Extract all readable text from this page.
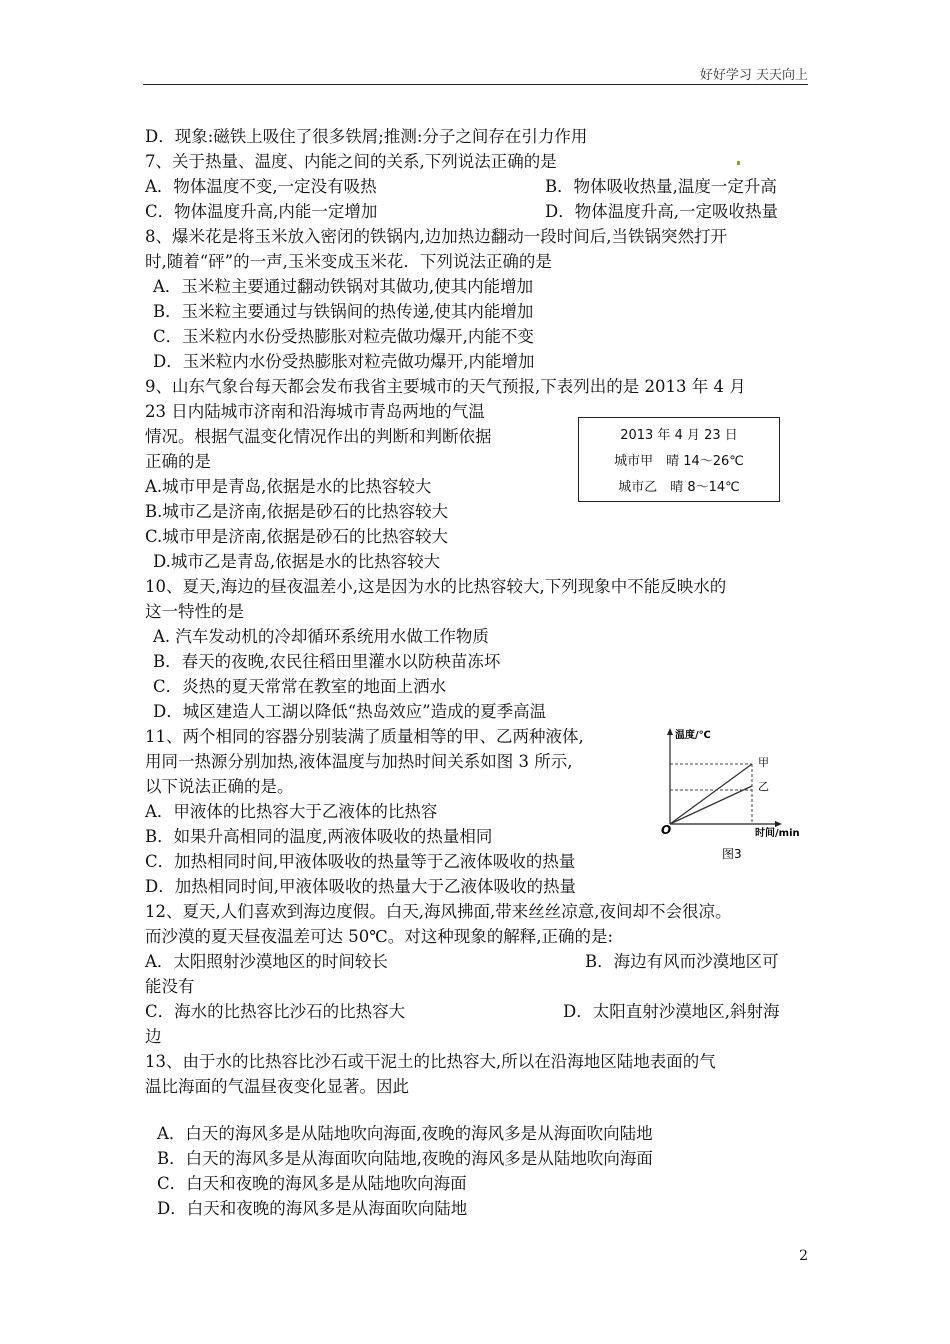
好好学习 天天向上
D．现象:磁铁上吸住了很多铁屑;推测:分子之间存在引力作用
7、关于热量、温度、内能之间的关系,下列说法正确的是
A．物体温度不变,一定没有吸热	B．物体吸收热量,温度一定升高
C．物体温度升高,内能一定增加	D．物体温度升高,一定吸收热量
8、爆米花是将玉米放入密闭的铁锅内,边加热边翻动一段时间后,当铁锅突然打开
时,随着“砰”的一声,玉米变成玉米花．下列说法正确的是
A．玉米粒主要通过翻动铁锅对其做功,使其内能增加
B．玉米粒主要通过与铁锅间的热传递,使其内能增加
C．玉米粒内水份受热膨胀对粒壳做功爆开,内能不变
D．玉米粒内水份受热膨胀对粒壳做功爆开,内能增加
9、山东气象台每天都会发布我省主要城市的天气预报,下表列出的是 2013 年 4 月
23 日内陆城市济南和沿海城市青岛两地的气温
情况。根据气温变化情况作出的判断和判断依据
正确的是
A.城市甲是青岛,依据是水的比热容较大
B.城市乙是济南,依据是砂石的比热容较大
C.城市甲是济南,依据是砂石的比热容较大
D.城市乙是青岛,依据是水的比热容较大
10、夏天,海边的昼夜温差小,这是因为水的比热容较大,下列现象中不能反映水的
这一特性的是
A. 汽车发动机的冷却循环系统用水做工作物质
B．春天的夜晚,农民往稻田里灌水以防秧苗冻坏
C．炎热的夏天常常在教室的地面上洒水
D．城区建造人工湖以降低“热岛效应”造成的夏季高温
11、两个相同的容器分别装满了质量相等的甲、乙两种液体,
用同一热源分别加热,液体温度与加热时间关系如图 3 所示,
以下说法正确的是。
A．甲液体的比热容大于乙液体的比热容
B．如果升高相同的温度,两液体吸收的热量相同
C．加热相同时间,甲液体吸收的热量等于乙液体吸收的热量
D．加热相同时间,甲液体吸收的热量大于乙液体吸收的热量
12、夏天,人们喜欢到海边度假。白天,海风拂面,带来丝丝凉意,夜间却不会很凉。
而沙漠的夏天昼夜温差可达 50℃。对这种现象的解释,正确的是:
A．太阳照射沙漠地区的时间较长	B．海边有风而沙漠地区可
能没有
C．海水的比热容比沙石的比热容大	D．太阳直射沙漠地区,斜射海
边
13、由于水的比热容比沙石或干泥土的比热容大,所以在沿海地区陆地表面的气
温比海面的气温昼夜变化显著。因此
A．白天的海风多是从陆地吹向海面,夜晚的海风多是从海面吹向陆地
B．白天的海风多是从海面吹向陆地,夜晚的海风多是从陆地吹向海面
C．白天和夜晚的海风多是从陆地吹向海面
D．白天和夜晚的海风多是从海面吹向陆地
2013 年 4 月 23 日
城市甲　晴 14～26℃
城市乙　晴 8～14℃
温度/℃
时间/min
O
甲
乙
图3
2
